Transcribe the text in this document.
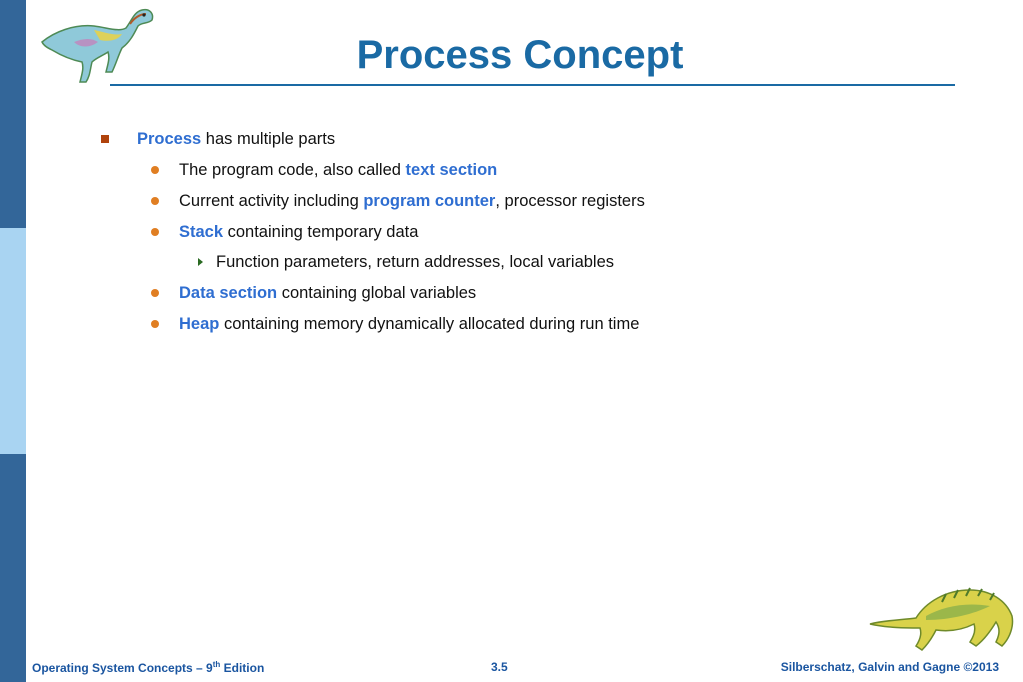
Process Concept
Process has multiple parts
The program code, also called text section
Current activity including program counter, processor registers
Stack containing temporary data
Function parameters, return addresses, local variables
Data section containing global variables
Heap containing memory dynamically allocated during run time
Operating System Concepts – 9th Edition	3.5	Silberschatz, Galvin and Gagne ©2013
